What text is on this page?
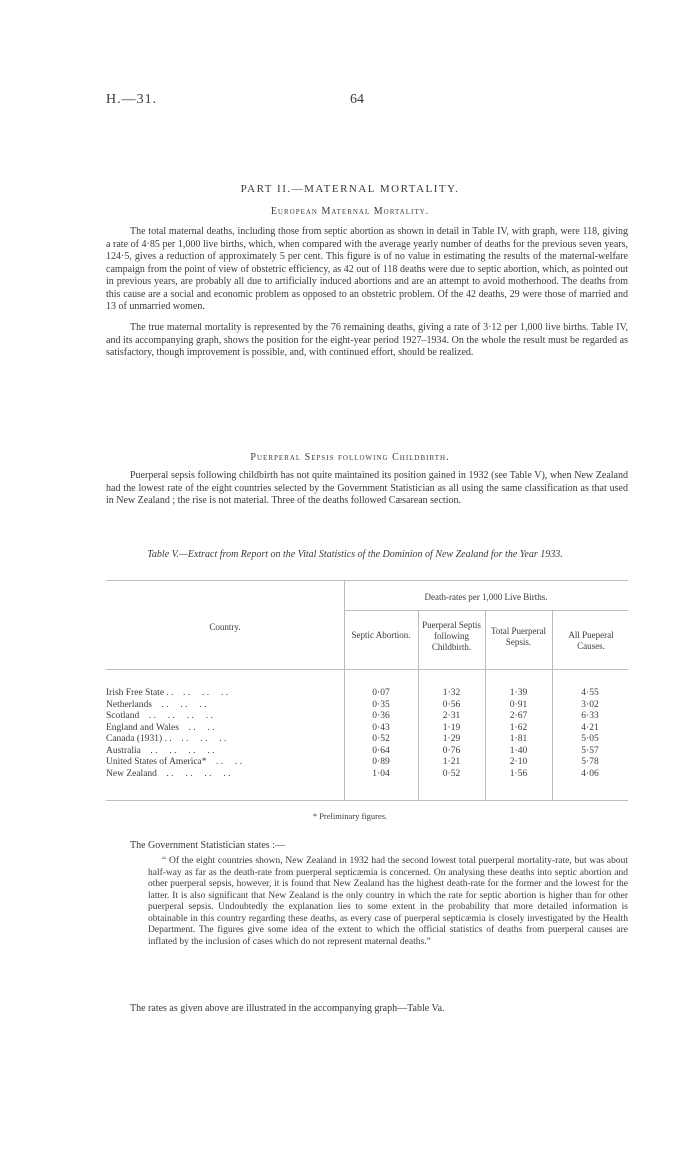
H.—31.	64
PART II.—MATERNAL MORTALITY.
European Maternal Mortality.

The total maternal deaths, including those from septic abortion as shown in detail in Table IV, with graph, were 118, giving a rate of 4·85 per 1,000 live births, which, when compared with the average yearly number of deaths for the previous seven years, 124·5, gives a reduction of approximately 5 per cent. This figure is of no value in estimating the results of the maternal-welfare campaign from the point of view of obstetric efficiency, as 42 out of 118 deaths were due to septic abortion, which, as pointed out in previous years, are probably all due to artificially induced abortions and are an attempt to avoid motherhood. The deaths from this cause are a social and economic problem as opposed to an obstetric problem. Of the 42 deaths, 29 were those of married and 13 of unmarried women.

The true maternal mortality is represented by the 76 remaining deaths, giving a rate of 3·12 per 1,000 live births. Table IV, and its accompanying graph, shows the position for the eight-year period 1927–1934. On the whole the result must be regarded as satisfactory, though improvement is possible, and, with continued effort, should be realized.

Puerperal Sepsis following Childbirth.

Puerperal sepsis following childbirth has not quite maintained its position gained in 1932 (see Table V), when New Zealand had the lowest rate of the eight countries selected by the Government Statistician as all using the same classification as that used in New Zealand ; the rise is not material. Three of the deaths followed Cæsarean section.

Table V.—Extract from Report on the Vital Statistics of the Dominion of New Zealand for the Year 1933.
Death-rates per 1,000 Live Births.
Country.
Septic Abortion.
Puerperal Septis following Childbirth.
Total Puerperal Sepsis.
All Pueperal Causes.
Irish Free State . . . .     . .     . .	0·07	1·32	1·39	4·55
Netherlands . .     . .     . .	0·35	0·56	0·91	3·02
Scotland . .     . .     . .     . .	0·36	2·31	2·67	6·33
England and Wales . .     . .	0·43	1·19	1·62	4·21
Canada (1931) . . . .     . .     . .	0·52	1·29	1·81	5·05
Australia . .     . .     . .     . .	0·64	0·76	1·40	5·57
United States of America* . .     . .	0·89	1·21	2·10	5·78
New Zealand . .     . .     . .     . .	1·04	0·52	1·56	4·06
* Preliminary figures.
The Government Statistician states :—

“ Of the eight countries shown, New Zealand in 1932 had the second lowest total puerperal mortality-rate, but was about half-way as far as the death-rate from puerperal septicæmia is concerned. On analysing these deaths into septic abortion and other puerperal sepsis, however, it is found that New Zealand has the highest death-rate for the former and the lowest for the latter. It is also significant that New Zealand is the only country in which the rate for septic abortion is higher than for other puerperal sepsis. Undoubtedly the explanation lies to some extent in the probability that more detailed information is obtainable in this country regarding these deaths, as every case of puerperal septicæmia is closely investigated by the Health Department. The figures give some idea of the extent to which the official statistics of deaths from puerperal causes are inflated by the inclusion of cases which do not represent maternal deaths.”

The rates as given above are illustrated in the accompanying graph—Table Va.
